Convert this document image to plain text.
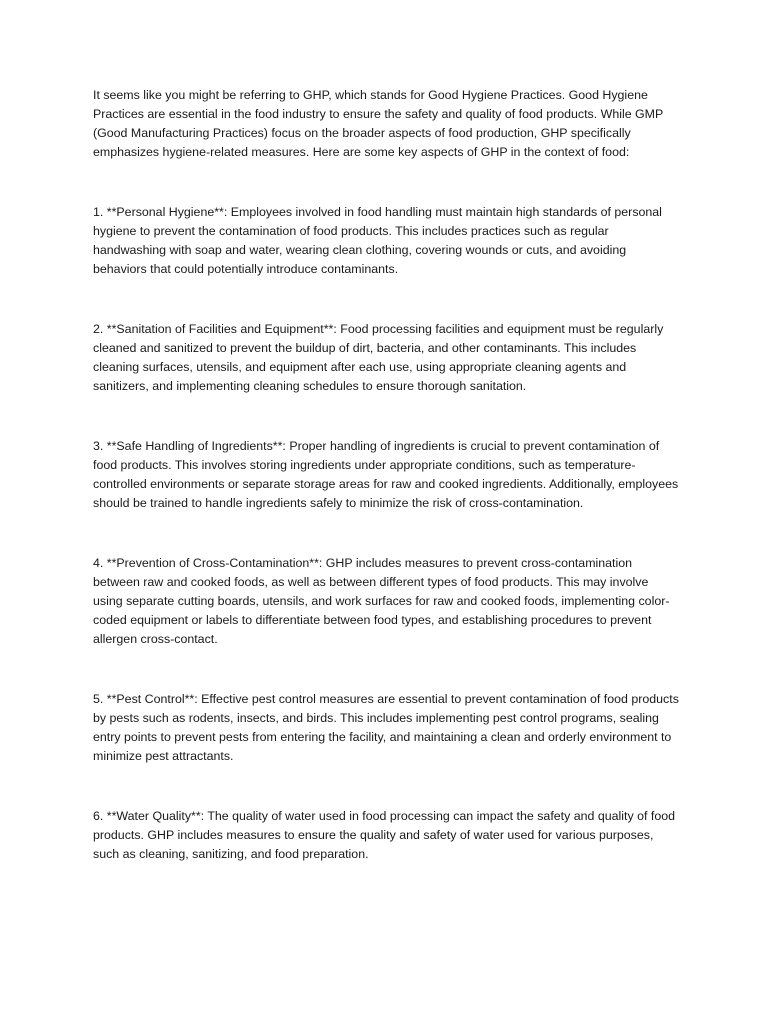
It seems like you might be referring to GHP, which stands for Good Hygiene Practices. Good Hygiene Practices are essential in the food industry to ensure the safety and quality of food products. While GMP (Good Manufacturing Practices) focus on the broader aspects of food production, GHP specifically emphasizes hygiene-related measures. Here are some key aspects of GHP in the context of food:

1. **Personal Hygiene**: Employees involved in food handling must maintain high standards of personal hygiene to prevent the contamination of food products. This includes practices such as regular handwashing with soap and water, wearing clean clothing, covering wounds or cuts, and avoiding behaviors that could potentially introduce contaminants.

2. **Sanitation of Facilities and Equipment**: Food processing facilities and equipment must be regularly cleaned and sanitized to prevent the buildup of dirt, bacteria, and other contaminants. This includes cleaning surfaces, utensils, and equipment after each use, using appropriate cleaning agents and sanitizers, and implementing cleaning schedules to ensure thorough sanitation.

3. **Safe Handling of Ingredients**: Proper handling of ingredients is crucial to prevent contamination of food products. This involves storing ingredients under appropriate conditions, such as temperature-controlled environments or separate storage areas for raw and cooked ingredients. Additionally, employees should be trained to handle ingredients safely to minimize the risk of cross-contamination.

4. **Prevention of Cross-Contamination**: GHP includes measures to prevent cross-contamination between raw and cooked foods, as well as between different types of food products. This may involve using separate cutting boards, utensils, and work surfaces for raw and cooked foods, implementing color-coded equipment or labels to differentiate between food types, and establishing procedures to prevent allergen cross-contact.

5. **Pest Control**: Effective pest control measures are essential to prevent contamination of food products by pests such as rodents, insects, and birds. This includes implementing pest control programs, sealing entry points to prevent pests from entering the facility, and maintaining a clean and orderly environment to minimize pest attractants.

6. **Water Quality**: The quality of water used in food processing can impact the safety and quality of food products. GHP includes measures to ensure the quality and safety of water used for various purposes, such as cleaning, sanitizing, and food preparation.
